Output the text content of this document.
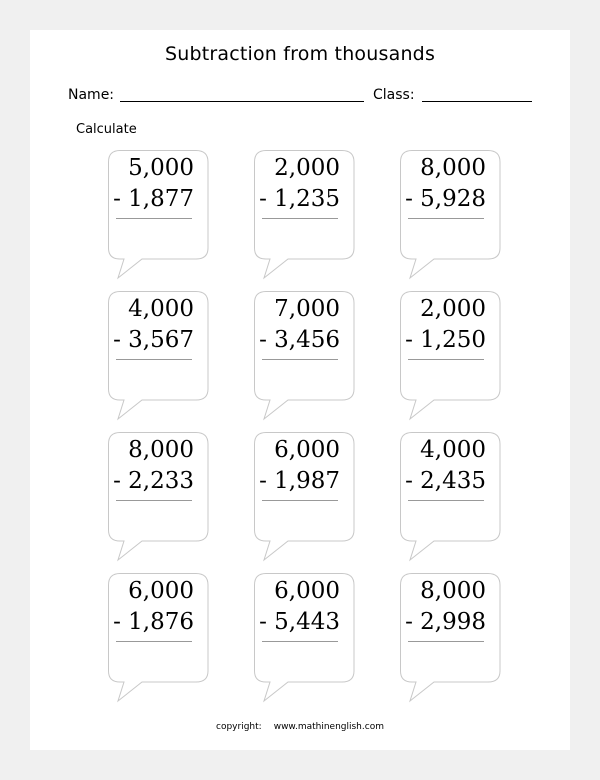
Subtraction from thousands
Name:	Class:
Calculate
5,000
- 1,877
2,000
- 1,235
8,000
- 5,928
4,000
- 3,567
7,000
- 3,456
2,000
- 1,250
8,000
- 2,233
6,000
- 1,987
4,000
- 2,435
6,000
- 1,876
6,000
- 5,443
8,000
- 2,998
copyright: www.mathinenglish.com
